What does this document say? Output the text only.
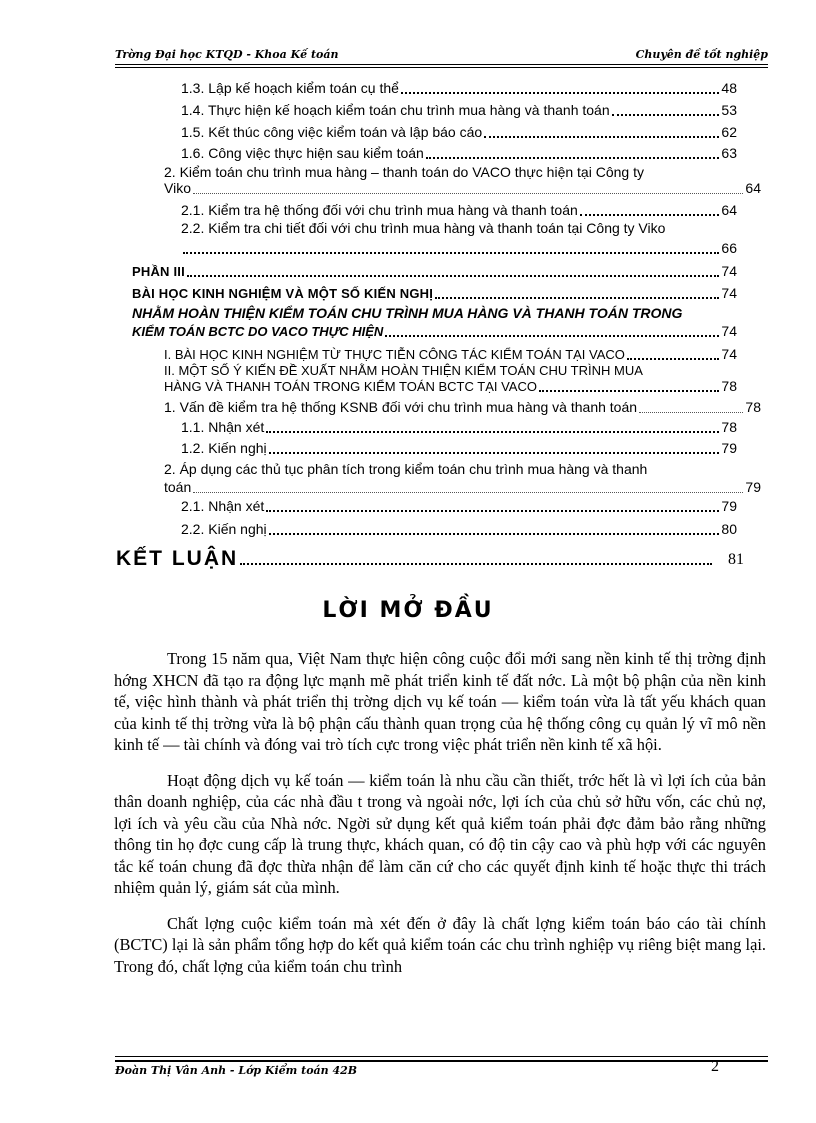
Trờng Đại học KTQD - Khoa Kế toán	Chuyên đề tốt nghiệp
1.3. Lập kế hoạch kiểm toán cụ thể	48
1.4. Thực hiện kế hoạch kiểm toán chu trình mua hàng và thanh toán	53
1.5. Kết thúc công việc kiểm toán và lập báo cáo	62
1.6. Công việc thực hiện sau kiểm toán	63
2. Kiểm toán chu trình mua hàng – thanh toán do VACO thực hiện tại Công ty
Viko	64
2.1. Kiểm tra hệ thống đối với chu trình mua hàng và thanh toán	64
2.2. Kiểm tra chi tiết đối với chu trình mua hàng và thanh toán tại Công ty Viko
66
PHẦN III	74
BÀI HỌC KINH NGHIỆM VÀ MỘT SỐ KIẾN NGHỊ	74
NHẰM HOÀN THIỆN KIỂM TOÁN CHU TRÌNH MUA HÀNG VÀ THANH TOÁN TRONG
KIỂM TOÁN BCTC DO VACO THỰC HIỆN	74
I. BÀI HỌC KINH NGHIỆM TỪ THỰC TIỄN CÔNG TÁC KIỂM TOÁN TẠI VACO	74
II. MỘT SỐ Ý KIẾN ĐỀ XUẤT NHẰM HOÀN THIỆN KIỂM TOÁN CHU TRÌNH MUA
HÀNG VÀ THANH TOÁN TRONG KIỂM TOÁN BCTC TẠI VACO	78
1. Vấn đề kiểm tra hệ thống KSNB đối với chu trình mua hàng và thanh toán	78
1.1. Nhận xét	78
1.2. Kiến nghị	79
2. Áp dụng các thủ tục phân tích trong kiểm toán chu trình mua hàng và thanh
toán	79
2.1. Nhận xét	79
2.2. Kiến nghị	80
KẾT LUẬN	81
LỜI MỞ ĐẦU

Trong 15 năm qua, Việt Nam thực hiện công cuộc đổi mới sang nền kinh tế thị trờng định hớng XHCN đã tạo ra động lực mạnh mẽ phát triển kinh tế đất nớc. Là một bộ phận của nền kinh tế, việc hình thành và phát triển thị trờng dịch vụ kế toán — kiểm toán vừa là tất yếu khách quan của kinh tế thị trờng vừa là bộ phận cấu thành quan trọng của hệ thống công cụ quản lý vĩ mô nền kinh tế — tài chính và đóng vai trò tích cực trong việc phát triển nền kinh tế xã hội.

Hoạt động dịch vụ kế toán — kiểm toán là nhu cầu cần thiết, trớc hết là vì lợi ích của bản thân doanh nghiệp, của các nhà đầu t trong và ngoài nớc, lợi ích của chủ sở hữu vốn, các chủ nợ, lợi ích và yêu cầu của Nhà nớc. Ngời sử dụng kết quả kiểm toán phải đợc đảm bảo rằng những thông tin họ đợc cung cấp là trung thực, khách quan, có độ tin cậy cao và phù hợp với các nguyên tắc kế toán chung đã đợc thừa nhận để làm căn cứ cho các quyết định kinh tế hoặc thực thi trách nhiệm quản lý, giám sát của mình.

Chất lợng cuộc kiểm toán mà xét đến ở đây là chất lợng kiểm toán báo cáo tài chính (BCTC) lại là sản phẩm tổng hợp do kết quả kiểm toán các chu trình nghiệp vụ riêng biệt mang lại. Trong đó, chất lợng của kiểm toán chu trình

Đoàn Thị Vân Anh - Lớp Kiểm toán 42B	2
